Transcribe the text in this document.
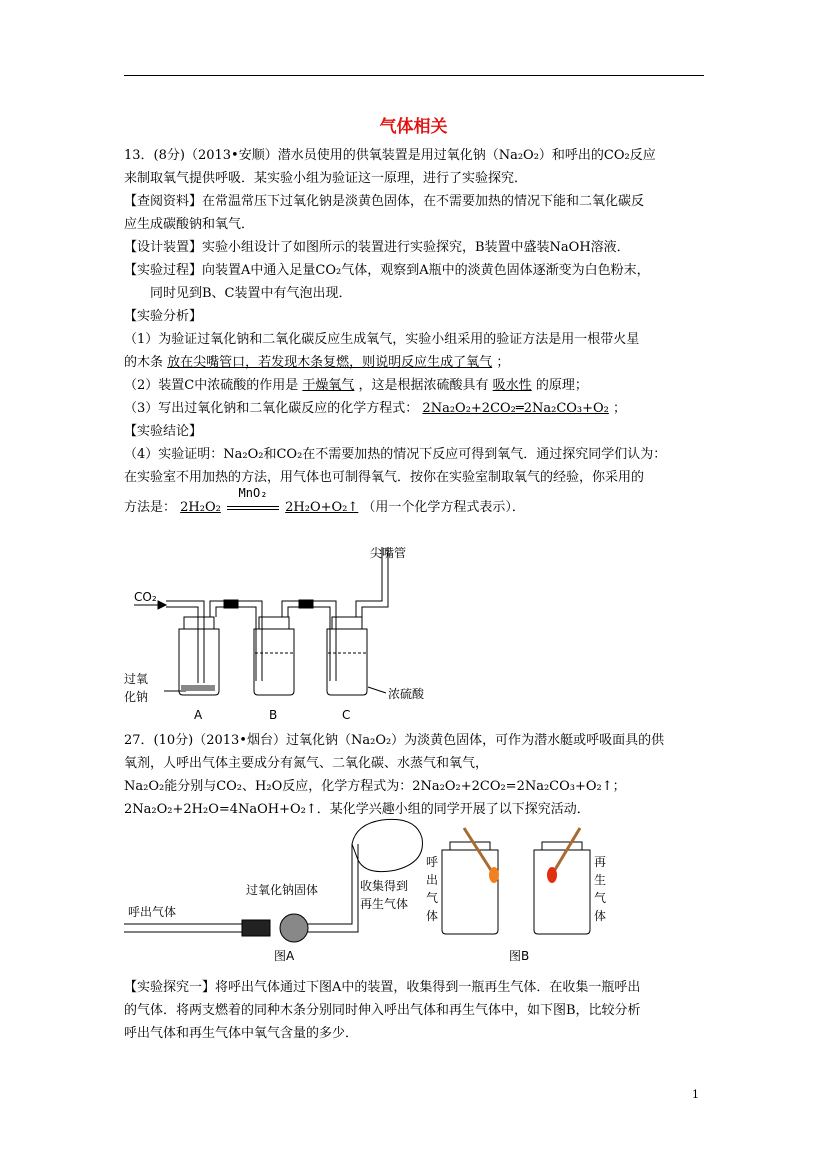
气体相关
13．(8分)（2013•安顺）潜水员使用的供氧装置是用过氧化钠（Na₂O₂）和呼出的CO₂反应
来制取氧气提供呼吸．某实验小组为验证这一原理，进行了实验探究．
【查阅资料】在常温常压下过氧化钠是淡黄色固体，在不需要加热的情况下能和二氧化碳反
应生成碳酸钠和氧气．
【设计装置】实验小组设计了如图所示的装置进行实验探究，B装置中盛装NaOH溶液．
【实验过程】向装置A中通入足量CO₂气体，观察到A瓶中的淡黄色固体逐渐变为白色粉末，
同时见到B、C装置中有气泡出现．
【实验分析】
（1）为验证过氧化钠和二氧化碳反应生成氧气，实验小组采用的验证方法是用一根带火星
的木条 放在尖嘴管口，若发现木条复燃，则说明反应生成了氧气 ；
（2）装置C中浓硫酸的作用是 干燥氧气 ，这是根据浓硫酸具有 吸水性 的原理；
（3）写出过氧化钠和二氧化碳反应的化学方程式： 2Na₂O₂+2CO₂═2Na₂CO₃+O₂ ；
【实验结论】
（4）实验证明：Na₂O₂和CO₂在不需要加热的情况下反应可得到氧气．通过探究同学们认为：
在实验室不用加热的方法，用气体也可制得氧气．按你在实验室制取氧气的经验，你采用的
方法是： 2H₂O₂
MnO₂
2H₂O+O₂↑ （用一个化学方程式表示）．
CO₂
尖嘴管
过氧
化钠	浓硫酸
A	B	C
27．(10分)（2013•烟台）过氧化钠（Na₂O₂）为淡黄色固体，可作为潜水艇或呼吸面具的供
氧剂，人呼出气体主要成分有氮气、二氧化碳、水蒸气和氧气，
Na₂O₂能分别与CO₂、H₂O反应，化学方程式为：2Na₂O₂+2CO₂=2Na₂CO₃+O₂↑；
2Na₂O₂+2H₂O=4NaOH+O₂↑．某化学兴趣小组的同学开展了以下探究活动．
呼出气体
过氧化钠固体	收集得到
再生气体
图A	图B
呼
出
气
体
再
生
气
体
【实验探究一】将呼出气体通过下图A中的装置，收集得到一瓶再生气体．在收集一瓶呼出
的气体．将两支燃着的同种木条分别同时伸入呼出气体和再生气体中，如下图B，比较分析
呼出气体和再生气体中氧气含量的多少．
1
